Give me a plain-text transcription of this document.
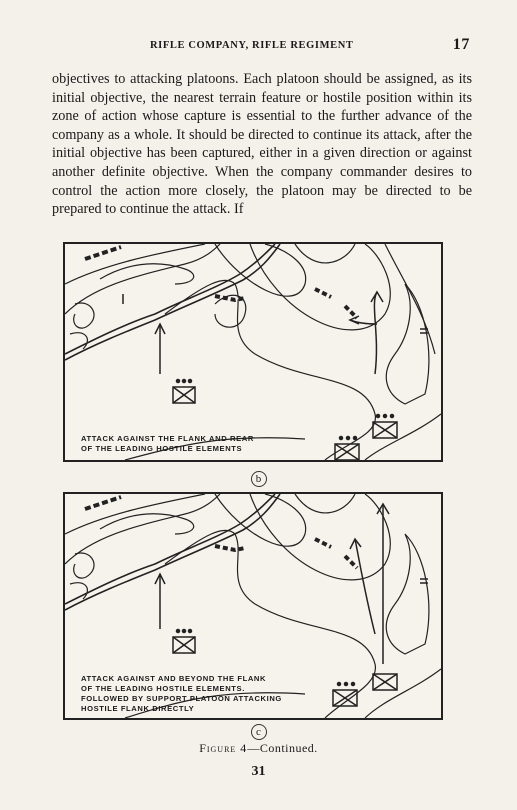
RIFLE COMPANY, RIFLE REGIMENT	17

objectives to attacking platoons. Each platoon should be assigned, as its initial objective, the nearest terrain feature or hostile position within its zone of action whose capture is essential to the further advance of the company as a whole. It should be directed to continue its attack, after the initial objective has been captured, either in a given direction or against another definite objective. When the company commander desires to control the action more closely, the platoon may be directed to be prepared to continue the attack. If

ATTACK AGAINST THE FLANK AND REAR
OF THE LEADING HOSTILE ELEMENTS
b
ATTACK AGAINST AND BEYOND THE FLANK
OF THE LEADING HOSTILE ELEMENTS.
FOLLOWED BY SUPPORT PLATOON ATTACKING
HOSTILE FLANK DIRECTLY
c
Figure 4—Continued.
31
